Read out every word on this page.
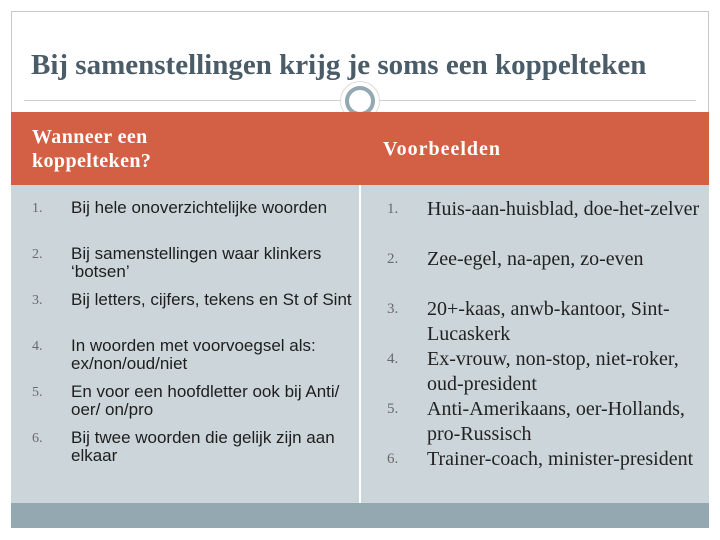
Bij samenstellingen krijg je soms een koppelteken
Wanneer een koppelteken?
Voorbeelden
1. Bij hele onoverzichtelijke woorden
2. Bij samenstellingen waar klinkers ‘botsen’
3. Bij letters, cijfers, tekens en St of Sint
4. In woorden met voorvoegsel als: ex/non/oud/niet
5. En voor een hoofdletter ook bij Anti/ oer/ on/pro
6. Bij twee woorden die gelijk zijn aan elkaar
1. Huis-aan-huisblad, doe-het-zelver
2. Zee-egel, na-apen, zo-even
3. 20+-kaas, anwb-kantoor, Sint-Lucaskerk
4. Ex-vrouw, non-stop, niet-roker, oud-president
5. Anti-Amerikaans, oer-Hollands, pro-Russisch
6. Trainer-coach, minister-president
